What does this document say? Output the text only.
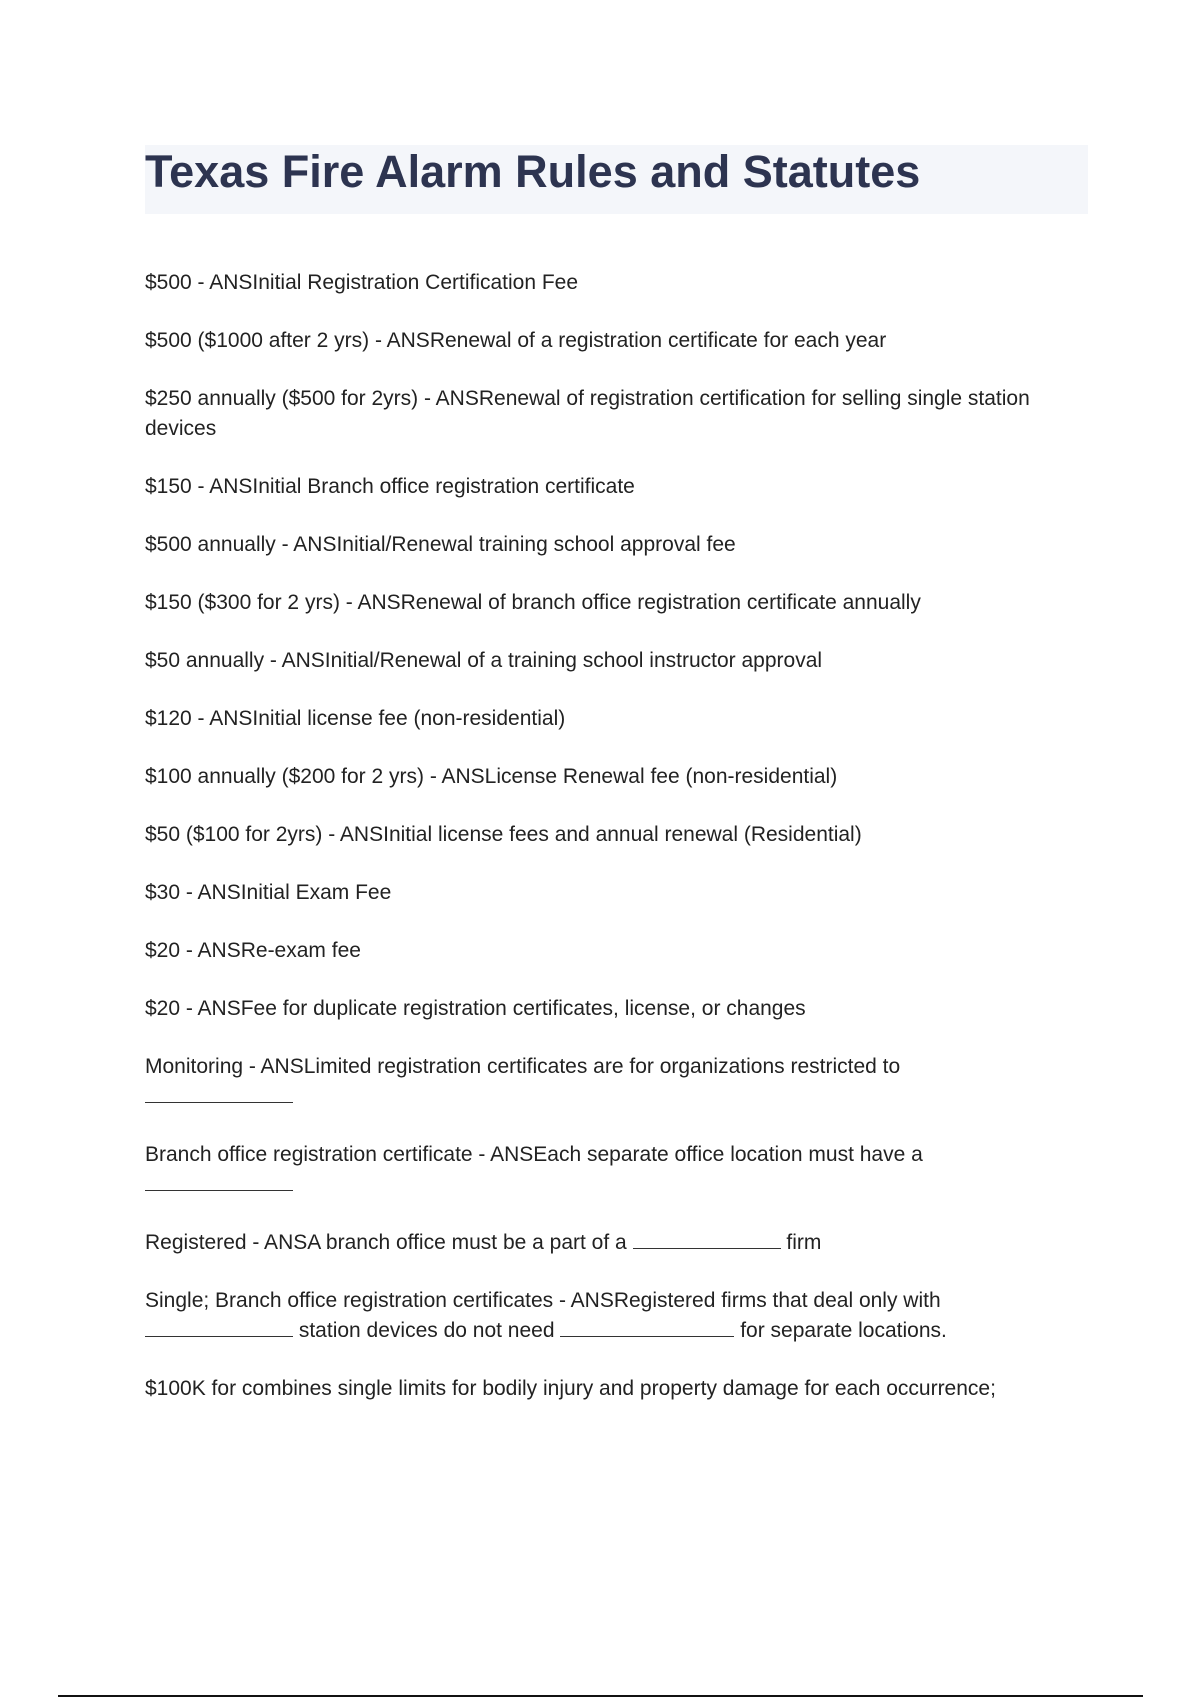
Texas Fire Alarm Rules and Statutes

$500 - ANSInitial Registration Certification Fee

$500 ($1000 after 2 yrs) - ANSRenewal of a registration certificate for each year

$250 annually ($500 for 2yrs) - ANSRenewal of registration certification for selling single station devices

$150 - ANSInitial Branch office registration certificate

$500 annually - ANSInitial/Renewal training school approval fee

$150 ($300 for 2 yrs) - ANSRenewal of branch office registration certificate annually

$50 annually - ANSInitial/Renewal of a training school instructor approval

$120 - ANSInitial license fee (non-residential)

$100 annually ($200 for 2 yrs) - ANSLicense Renewal fee (non-residential)

$50 ($100 for 2yrs) - ANSInitial license fees and annual renewal (Residential)

$30 - ANSInitial Exam Fee

$20 - ANSRe-exam fee

$20 - ANSFee for duplicate registration certificates, license, or changes

Monitoring - ANSLimited registration certificates are for organizations restricted to

Branch office registration certificate - ANSEach separate office location must have a

Registered - ANSA branch office must be a part of a	firm

Single; Branch office registration certificates - ANSRegistered firms that deal only with
station devices do not need	for separate locations.

$100K for combines single limits for bodily injury and property damage for each occurrence;
